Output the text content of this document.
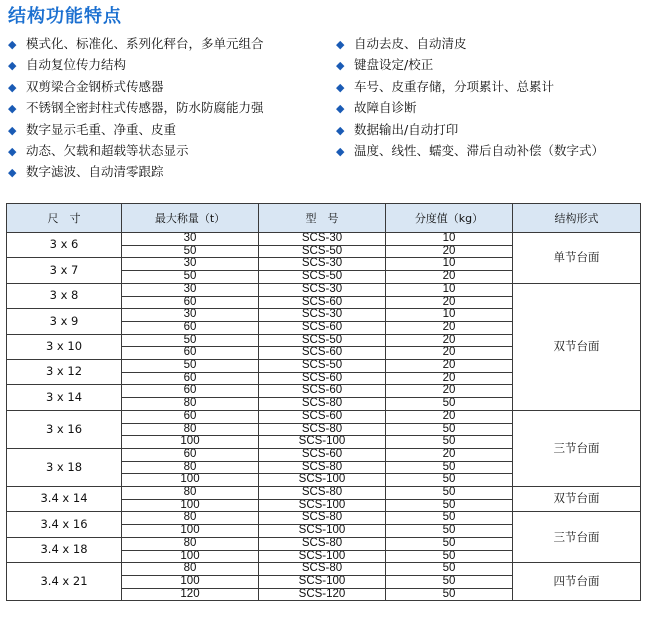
结构功能特点
◆ 模式化、标准化、系列化秤台，多单元组合
◆ 自动复位传力结构
◆ 双剪梁合金钢桥式传感器
◆ 不锈钢全密封柱式传感器，防水防腐能力强
◆ 数字显示毛重、净重、皮重
◆ 动态、欠载和超载等状态显示
◆ 数字滤波、自动清零跟踪
◆ 自动去皮、自动清皮
◆ 键盘设定/校正
◆ 车号、皮重存储，分项累计、总累计
◆ 故障自诊断
◆ 数据输出/自动打印
◆ 温度、线性、蠕变、滞后自动补偿（数字式）
尺　寸	最大称量（t）	型　号	分度值（kg）	结构形式
3 x 6	30	SCS-30	10	单节台面
	50	SCS-50	20	
3 x 7	30	SCS-30	10	
	50	SCS-50	20	
3 x 8	30	SCS-30	10	双节台面
	60	SCS-60	20	
3 x 9	30	SCS-30	10	
	60	SCS-60	20	
3 x 10	50	SCS-50	20	
	60	SCS-60	20	
3 x 12	50	SCS-50	20	
	60	SCS-60	20	
3 x 14	60	SCS-60	20	
	80	SCS-80	50	
3 x 16	60	SCS-60	20	三节台面
	80	SCS-80	50	
	100	SCS-100	50	
3 x 18	60	SCS-60	20	
	80	SCS-80	50	
	100	SCS-100	50	
3.4 x 14	80	SCS-80	50	双节台面
	100	SCS-100	50	
3.4 x 16	80	SCS-80	50	三节台面
	100	SCS-100	50	
3.4 x 18	80	SCS-80	50	
	100	SCS-100	50	
3.4 x 21	80	SCS-80	50	四节台面
	100	SCS-100	50	
	120	SCS-120	50	
